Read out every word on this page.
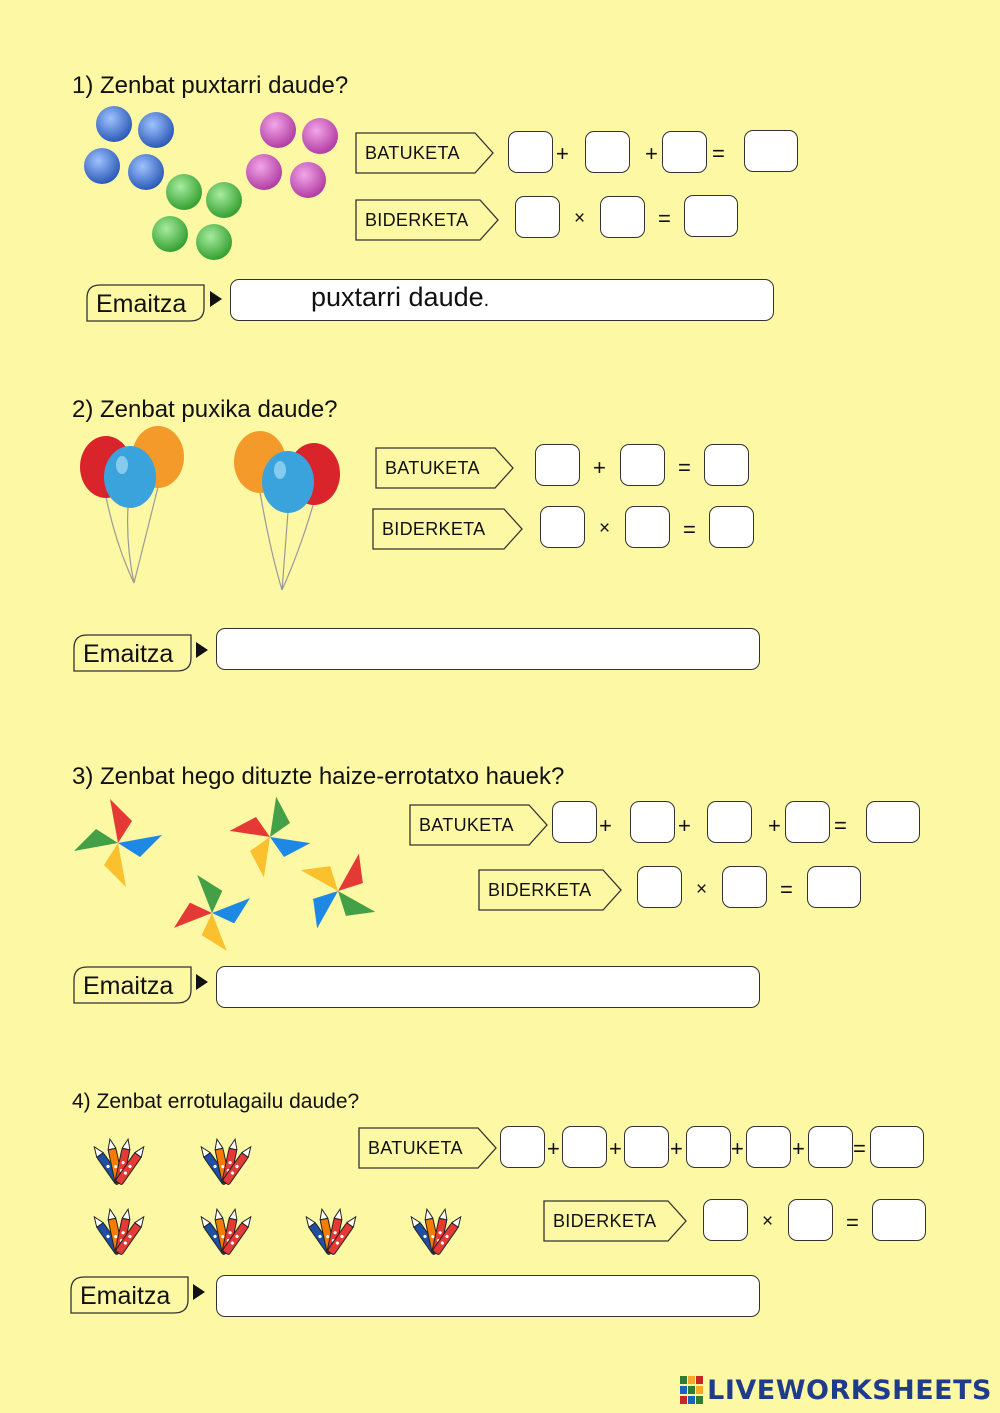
1) Zenbat puxtarri daude?
BATUKETA	+	+ =
BIDERKETA	×	=
Emaitza	puxtarri daude.
2) Zenbat puxika daude?
BATUKETA	+	=
BIDERKETA	×	=
Emaitza
3) Zenbat hego dituzte haize-errotatxo hauek?
BATUKETA	+	+	+ =
BIDERKETA	×	=
Emaitza
4) Zenbat errotulagailu daude?
BATUKETA	+ + + + + =
BIDERKETA	×	=
Emaitza
LIVEWORKSHEETS
